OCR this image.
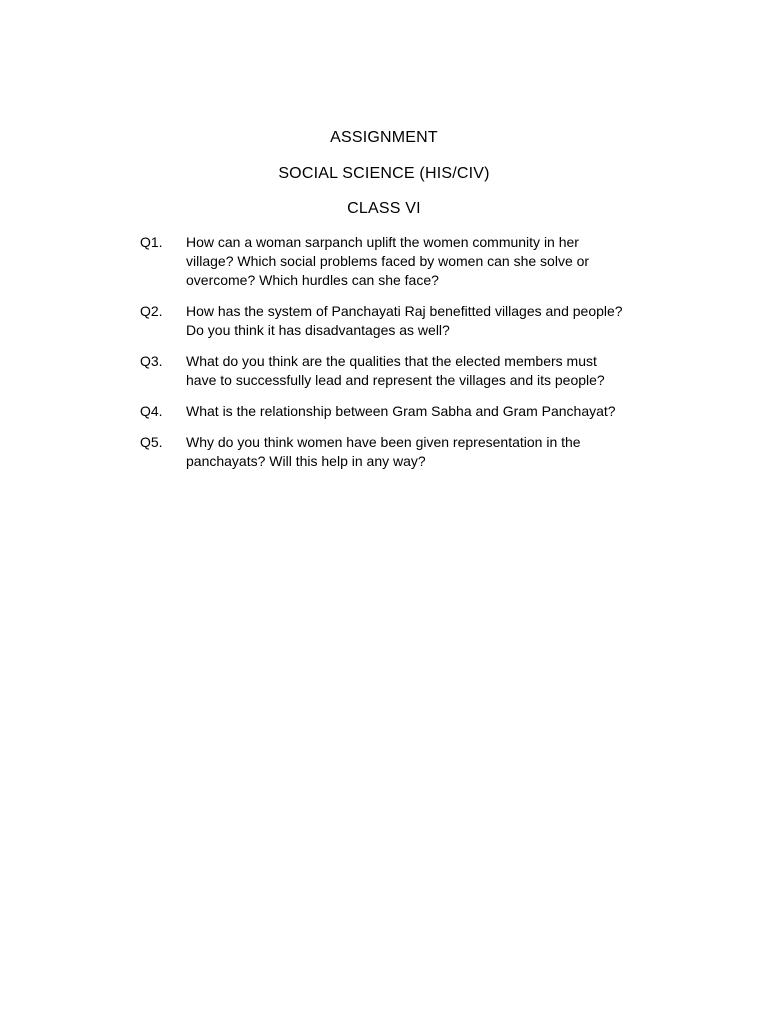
ASSIGNMENT
SOCIAL SCIENCE (HIS/CIV)
CLASS VI
Q1.	How can a woman sarpanch uplift the women community in her
village? Which social problems faced by women can she solve or
overcome? Which hurdles can she face?
Q2.	How has the system of Panchayati Raj benefitted villages and people?
Do you think it has disadvantages as well?
Q3.	What do you think are the qualities that the elected members must
have to successfully lead and represent the villages and its people?
Q4.	What is the relationship between Gram Sabha and Gram Panchayat?
Q5.	Why do you think women have been given representation in the
panchayats? Will this help in any way?
